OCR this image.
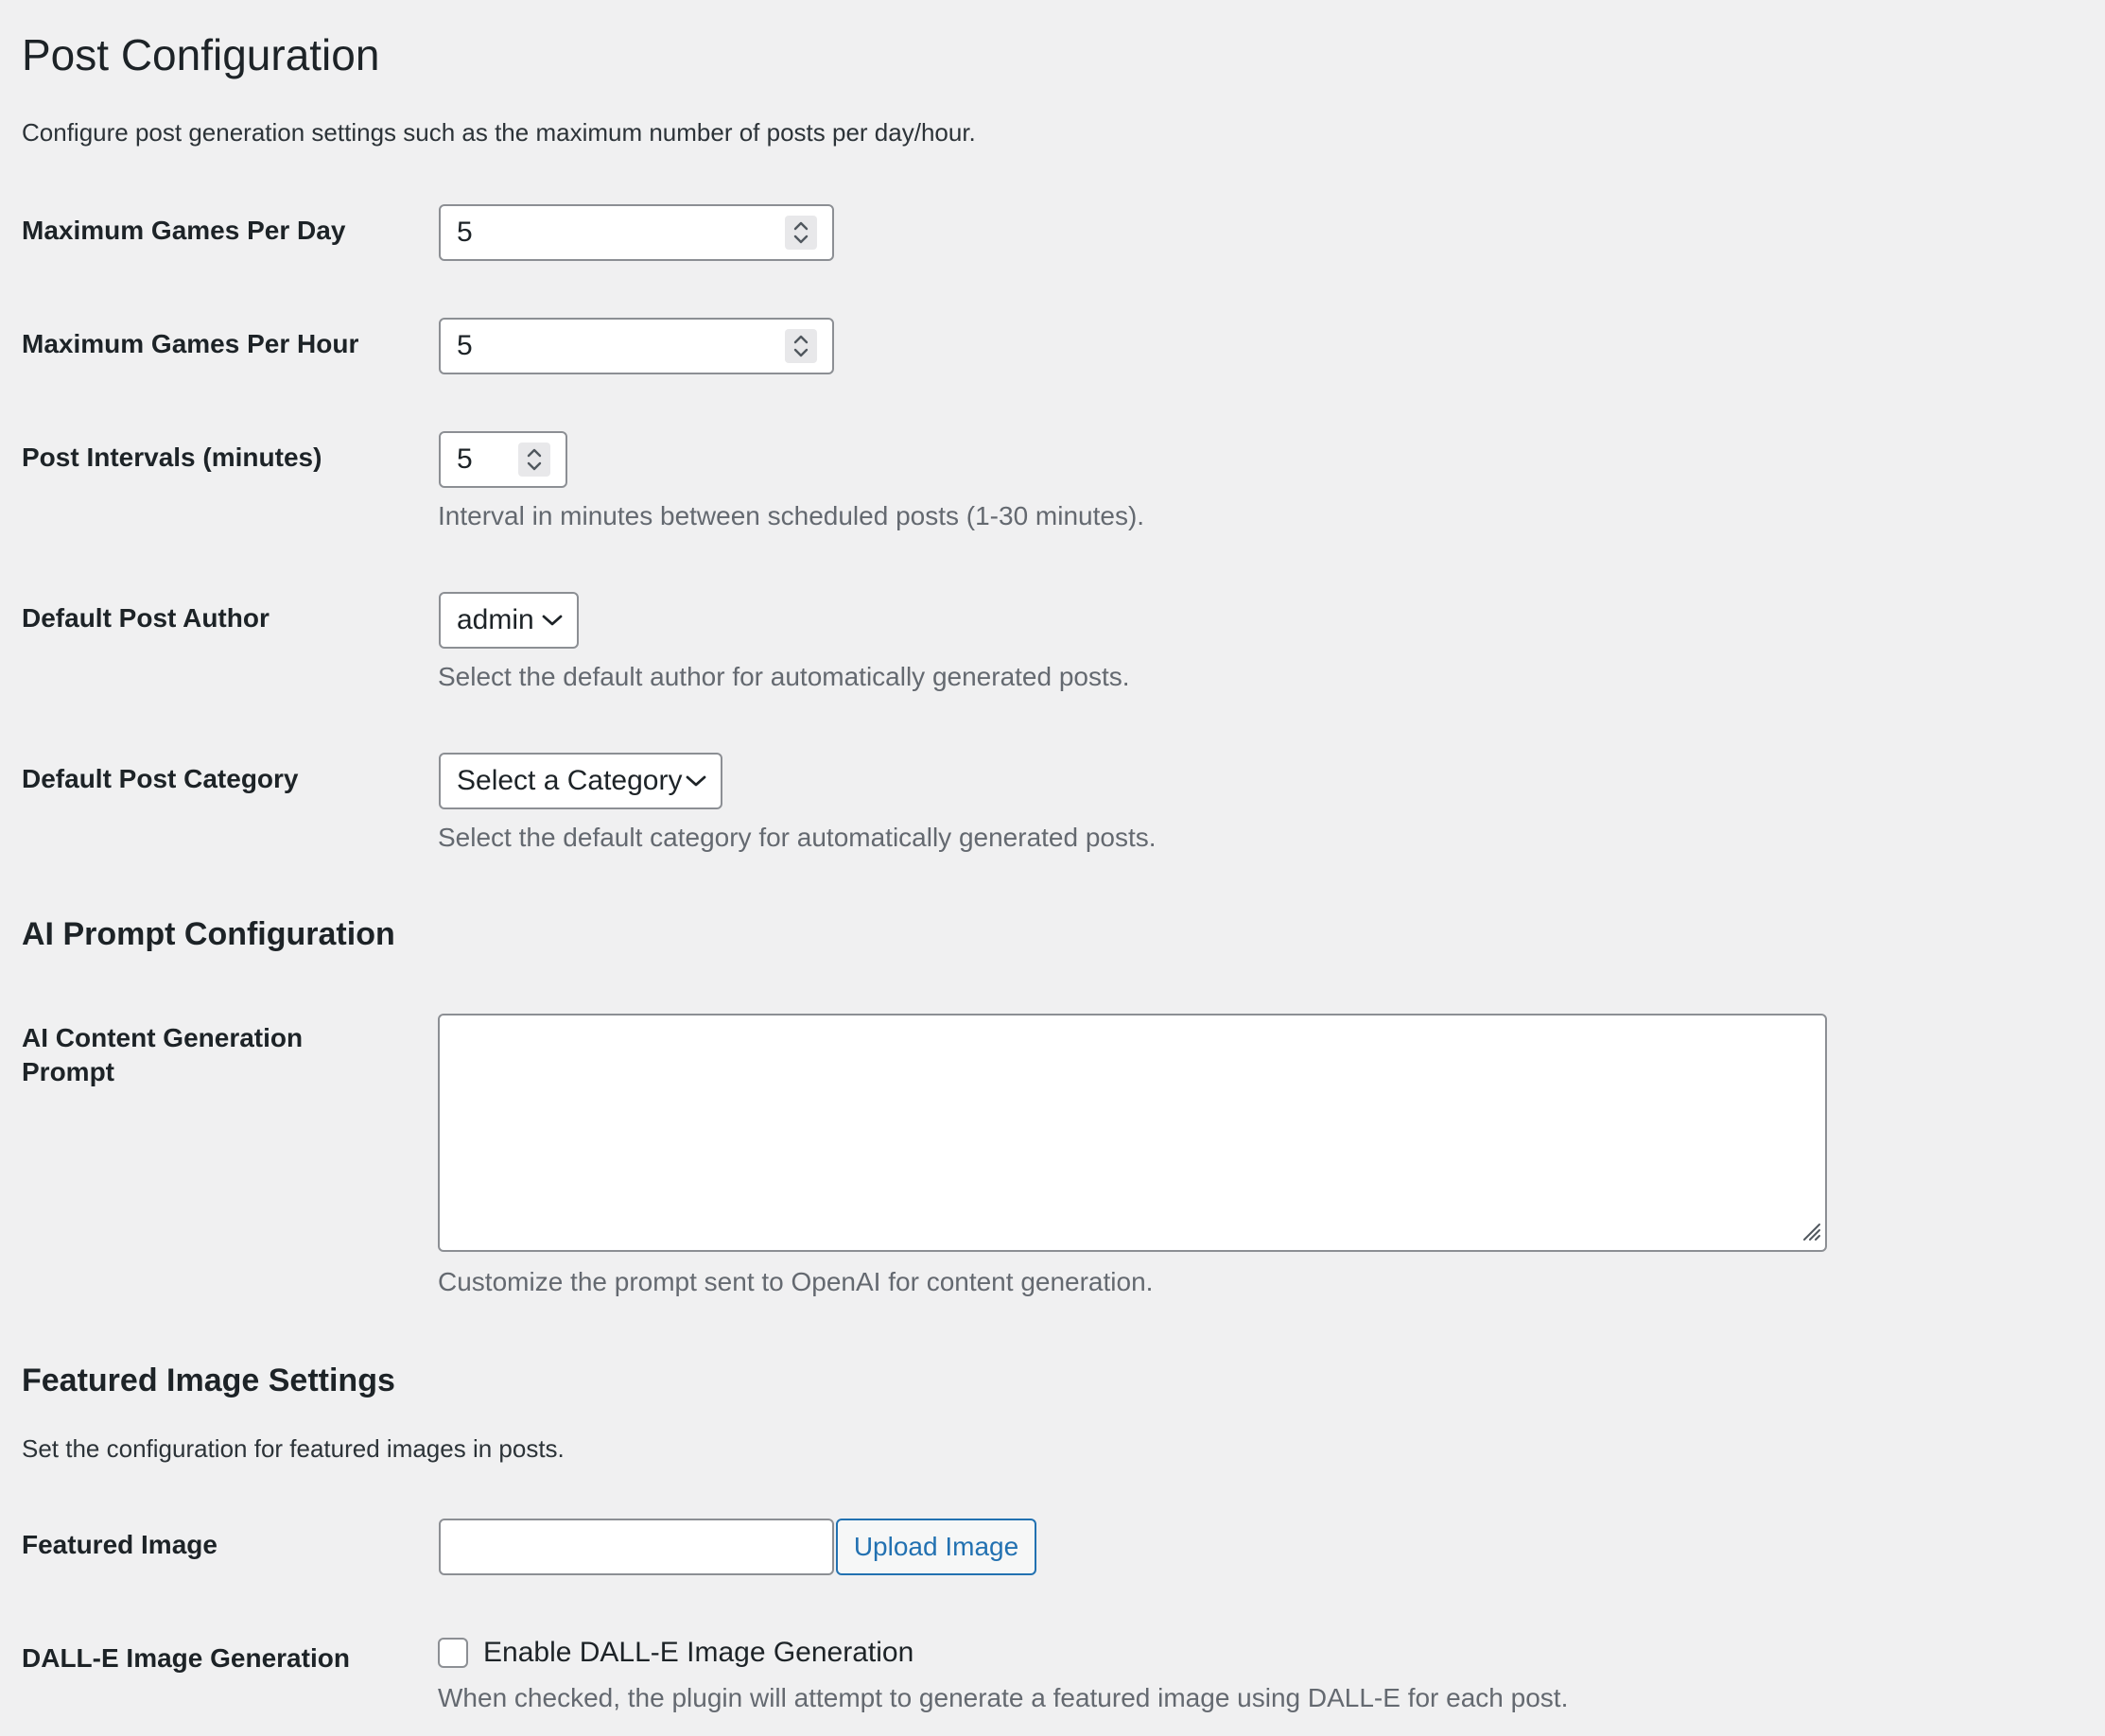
Post Configuration
Configure post generation settings such as the maximum number of posts per day/hour.
Maximum Games Per Day	5
Maximum Games Per Hour	5
Post Intervals (minutes)	5
Interval in minutes between scheduled posts (1-30 minutes).
Default Post Author	admin
Select the default author for automatically generated posts.
Default Post Category	Select a Category
Select the default category for automatically generated posts.
AI Prompt Configuration
AI Content Generation
Prompt
Customize the prompt sent to OpenAI for content generation.
Featured Image Settings
Set the configuration for featured images in posts.
Featured Image	Upload Image
DALL-E Image Generation	Enable DALL-E Image Generation
When checked, the plugin will attempt to generate a featured image using DALL-E for each post.
